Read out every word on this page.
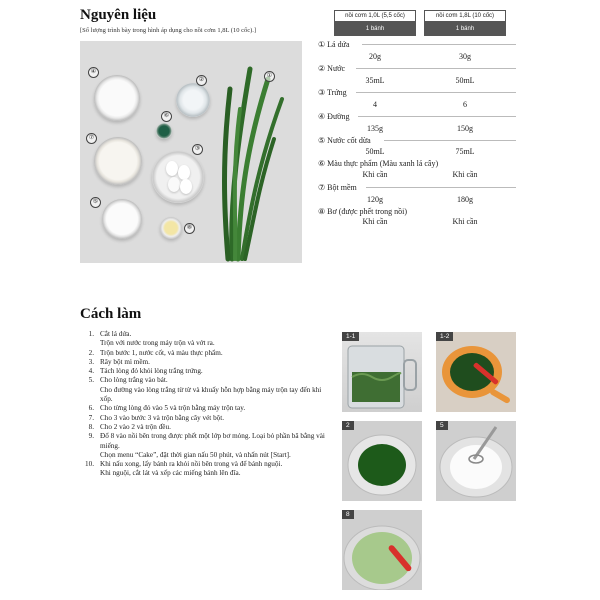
Nguyên liệu
[Số lượng trình bày trong hình áp dụng cho nồi cơm 1,8L (10 cốc).]
①
②
③
④
⑤
⑥
⑦
⑧
nồi cơm 1,0L (5,5 cốc)
1 bánh
nồi cơm 1,8L (10 cốc)
1 bánh
① Lá dứa
20g	30g
② Nước
35mL	50mL
③ Trứng
4	6
④ Đường
135g	150g
⑤ Nước cốt dừa
50mL	75mL
⑥ Màu thực phẩm (Màu xanh lá cây)
Khi cần	Khi cần
⑦ Bột mềm
120g	180g
⑧ Bơ (được phết trong nồi)
Khi cần	Khi cần
Cách làm
1. Cắt lá dứa.
Trộn với nước trong máy trộn và vớt ra.
2. Trộn bước 1, nước cốt, và màu thực phẩm.
3. Rây bột mì mềm.
4. Tách lòng đỏ khỏi lòng trắng trứng.
5. Cho lòng trắng vào bát.
Cho đường vào lòng trắng từ từ và khuấy hỗn hợp bằng máy trộn tay đến khi xốp.
6. Cho từng lòng đỏ vào 5 và trộn bằng máy trộn tay.
7. Cho 3 vào bước 3 và trộn bằng cây vét bột.
8. Cho 2 vào 2 và trộn đều.
9. Đổ 8 vào nồi bên trong được phết một lớp bơ mỏng. Loại bỏ phần bã bằng vài miếng.
Chọn menu “Cake”, đặt thời gian nấu 50 phút, và nhấn nút [Start].
10. Khi nấu xong, lấy bánh ra khỏi nồi bên trong và để bánh nguội.
Khi nguội, cắt lát và xếp các miếng bánh lên đĩa.
1-1	1-2
2	5
8
